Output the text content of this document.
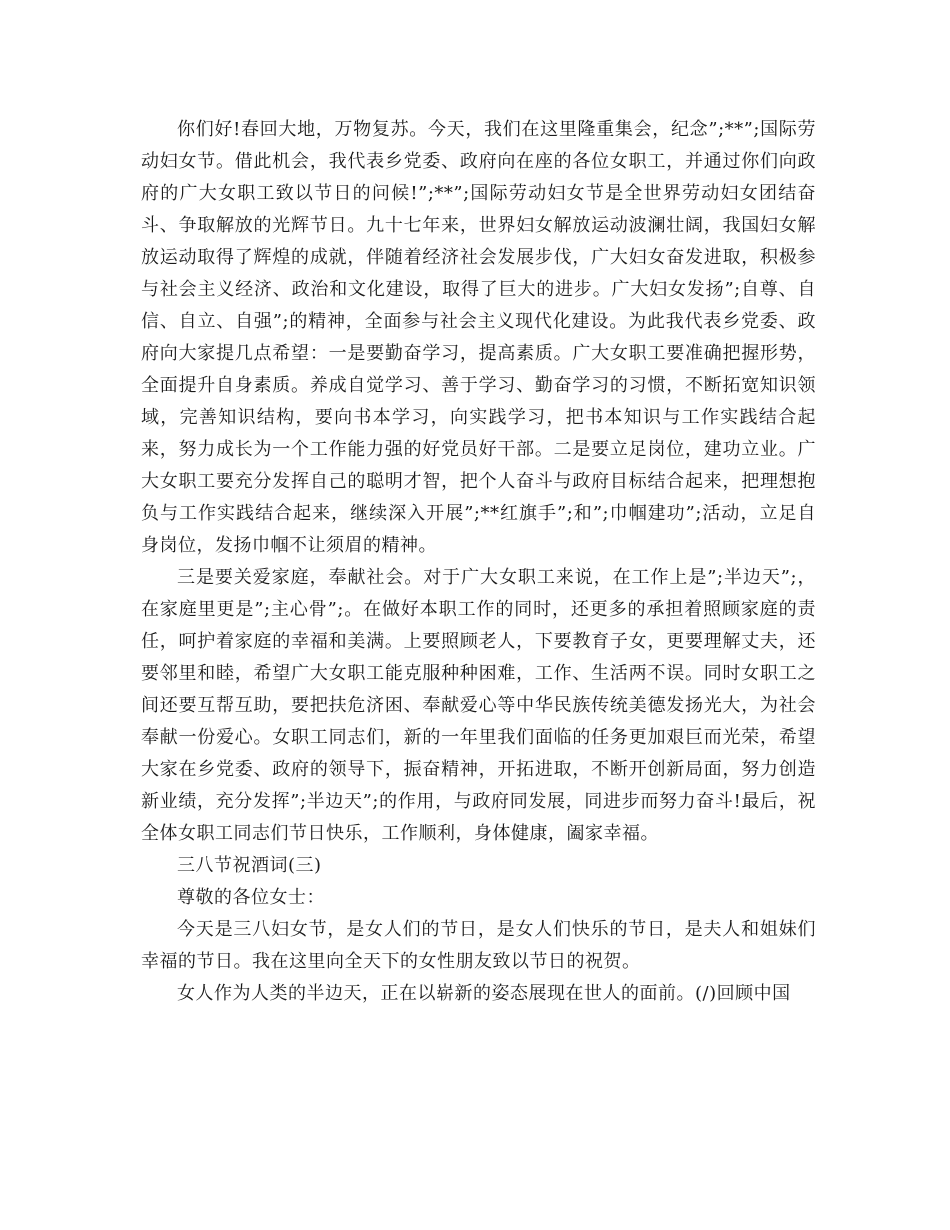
你们好!春回大地，万物复苏。今天，我们在这里隆重集会，纪念”;**”;国际劳动妇女节。借此机会，我代表乡党委、政府向在座的各位女职工，并通过你们向政府的广大女职工致以节日的问候!”;**”;国际劳动妇女节是全世界劳动妇女团结奋斗、争取解放的光辉节日。九十七年来，世界妇女解放运动波澜壮阔，我国妇女解放运动取得了辉煌的成就，伴随着经济社会发展步伐，广大妇女奋发进取，积极参与社会主义经济、政治和文化建设，取得了巨大的进步。广大妇女发扬”;自尊、自信、自立、自强”;的精神，全面参与社会主义现代化建设。为此我代表乡党委、政府向大家提几点希望：一是要勤奋学习，提高素质。广大女职工要准确把握形势，全面提升自身素质。养成自觉学习、善于学习、勤奋学习的习惯，不断拓宽知识领域，完善知识结构，要向书本学习，向实践学习，把书本知识与工作实践结合起来，努力成长为一个工作能力强的好党员好干部。二是要立足岗位，建功立业。广大女职工要充分发挥自己的聪明才智，把个人奋斗与政府目标结合起来，把理想抱负与工作实践结合起来，继续深入开展”;**红旗手”;和”;巾帼建功”;活动，立足自身岗位，发扬巾帼不让须眉的精神。

三是要关爱家庭，奉献社会。对于广大女职工来说，在工作上是”;半边天”;，在家庭里更是”;主心骨”;。在做好本职工作的同时，还更多的承担着照顾家庭的责任，呵护着家庭的幸福和美满。上要照顾老人，下要教育子女，更要理解丈夫，还要邻里和睦，希望广大女职工能克服种种困难，工作、生活两不误。同时女职工之间还要互帮互助，要把扶危济困、奉献爱心等中华民族传统美德发扬光大，为社会奉献一份爱心。女职工同志们，新的一年里我们面临的任务更加艰巨而光荣，希望大家在乡党委、政府的领导下，振奋精神，开拓进取，不断开创新局面，努力创造新业绩，充分发挥”;半边天”;的作用，与政府同发展，同进步而努力奋斗!最后，祝全体女职工同志们节日快乐，工作顺利，身体健康，阖家幸福。

三八节祝酒词(三)

尊敬的各位女士：

今天是三八妇女节，是女人们的节日，是女人们快乐的节日，是夫人和姐妹们幸福的节日。我在这里向全天下的女性朋友致以节日的祝贺。

女人作为人类的半边天，正在以崭新的姿态展现在世人的面前。(/)回顾中国
